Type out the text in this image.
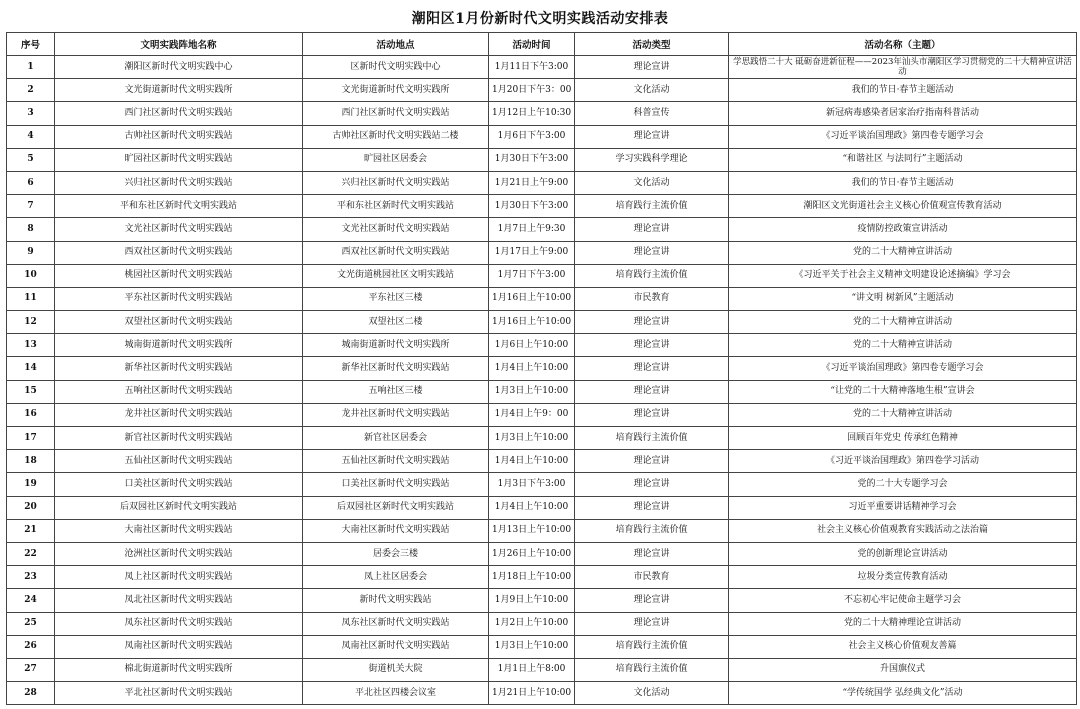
潮阳区1月份新时代文明实践活动安排表
序号	文明实践阵地名称	活动地点	活动时间	活动类型	活动名称（主题）
1	潮阳区新时代文明实践中心	区新时代文明实践中心	1月11日下午3:00	理论宣讲	学思践悟二十大 砥砺奋进新征程——2023年汕头市潮阳区学习贯彻党的二十大精神宣讲活动
2	文光街道新时代文明实践所	文光街道新时代文明实践所	1月20日下午3：00	文化活动	我们的节日·春节主题活动
3	西门社区新时代文明实践站	西门社区新时代文明实践站	1月12日上午10:30	科普宣传	新冠病毒感染者居家治疗指南科普活动
4	古帅社区新时代文明实践站	古帅社区新时代文明实践站二楼	1月6日下午3:00	理论宣讲	《习近平谈治国理政》第四卷专题学习会
5	旷园社区新时代文明实践站	旷园社区居委会	1月30日下午3:00	学习实践科学理论	“和谐社区 与法同行”主题活动
6	兴归社区新时代文明实践站	兴归社区新时代文明实践站	1月21日上午9:00	文化活动	我们的节日·春节主题活动
7	平和东社区新时代文明实践站	平和东社区新时代文明实践站	1月30日下午3:00	培育践行主流价值	潮阳区文光街道社会主义核心价值观宣传教育活动
8	文光社区新时代文明实践站	文光社区新时代文明实践站	1月7日上午9:30	理论宣讲	疫情防控政策宣讲活动
9	西双社区新时代文明实践站	西双社区新时代文明实践站	1月17日上午9:00	理论宣讲	党的二十大精神宣讲活动
10	桃园社区新时代文明实践站	文光街道桃园社区文明实践站	1月7日下午3:00	培育践行主流价值	《习近平关于社会主义精神文明建设论述摘编》学习会
11	平东社区新时代文明实践站	平东社区三楼	1月16日上午10:00	市民教育	“讲文明 树新风”主题活动
12	双望社区新时代文明实践站	双望社区二楼	1月16日上午10:00	理论宣讲	党的二十大精神宣讲活动
13	城南街道新时代文明实践所	城南街道新时代文明实践所	1月6日上午10:00	理论宣讲	党的二十大精神宣讲活动
14	新华社区新时代文明实践站	新华社区新时代文明实践站	1月4日上午10:00	理论宣讲	《习近平谈治国理政》第四卷专题学习会
15	五响社区新时代文明实践站	五响社区三楼	1月3日上午10:00	理论宣讲	“让党的二十大精神落地生根”宣讲会
16	龙井社区新时代文明实践站	龙井社区新时代文明实践站	1月4日上午9：00	理论宣讲	党的二十大精神宣讲活动
17	新官社区新时代文明实践站	新官社区居委会	1月3日上午10:00	培育践行主流价值	回顾百年党史 传承红色精神
18	五仙社区新时代文明实践站	五仙社区新时代文明实践站	1月4日上午10:00	理论宣讲	《习近平谈治国理政》第四卷学习活动
19	口美社区新时代文明实践站	口美社区新时代文明实践站	1月3日下午3:00	理论宣讲	党的二十大专题学习会
20	后双园社区新时代文明实践站	后双园社区新时代文明实践站	1月4日上午10:00	理论宣讲	习近平重要讲话精神学习会
21	大南社区新时代文明实践站	大南社区新时代文明实践站	1月13日上午10:00	培育践行主流价值	社会主义核心价值观教育实践活动之法治篇
22	沧洲社区新时代文明实践站	居委会三楼	1月26日上午10:00	理论宣讲	党的创新理论宣讲活动
23	凤上社区新时代文明实践站	凤上社区居委会	1月18日上午10:00	市民教育	垃圾分类宣传教育活动
24	凤北社区新时代文明实践站	新时代文明实践站	1月9日上午10:00	理论宣讲	不忘初心牢记使命主题学习会
25	凤东社区新时代文明实践站	凤东社区新时代文明实践站	1月2日上午10:00	理论宣讲	党的二十大精神理论宣讲活动
26	凤南社区新时代文明实践站	凤南社区新时代文明实践站	1月3日上午10:00	培育践行主流价值	社会主义核心价值观友善篇
27	棉北街道新时代文明实践所	街道机关大院	1月1日上午8:00	培育践行主流价值	升国旗仪式
28	平北社区新时代文明实践站	平北社区四楼会议室	1月21日上午10:00	文化活动	“学传统国学 弘经典文化”活动
